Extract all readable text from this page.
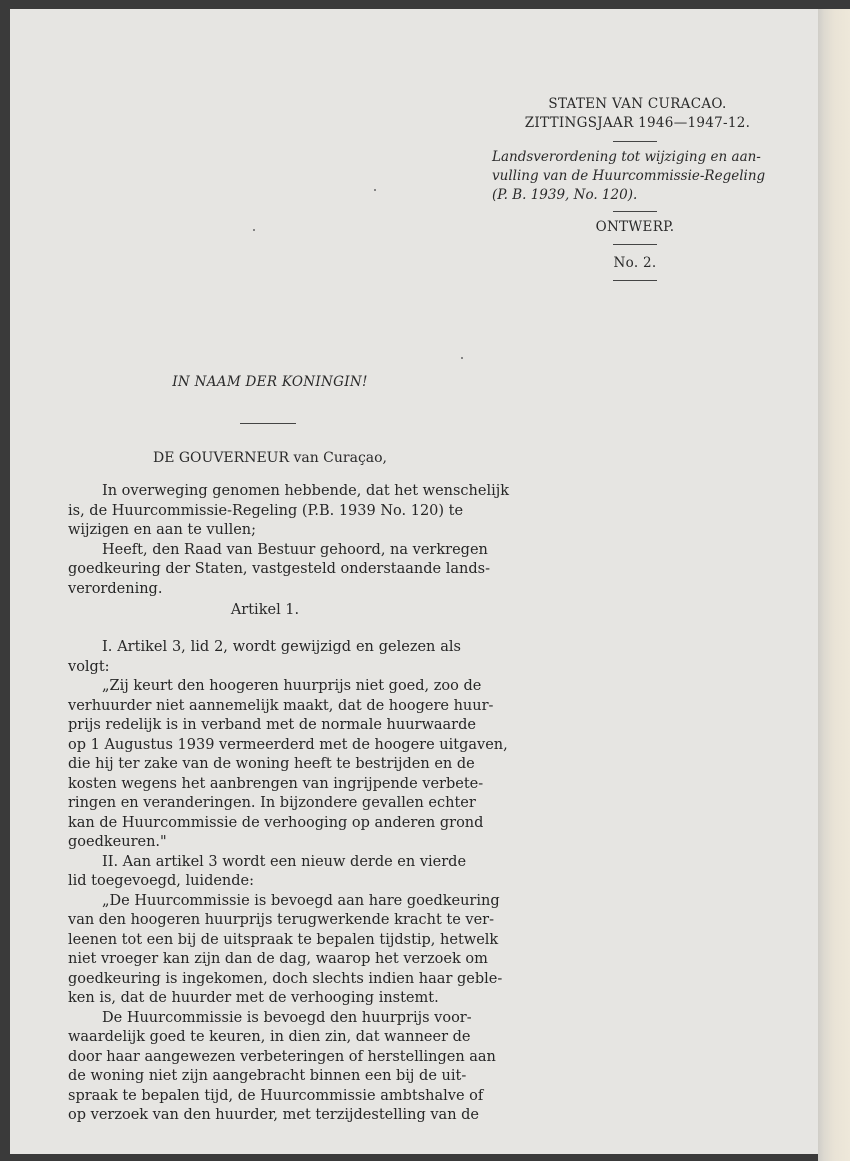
STATEN VAN CURACAO.
ZITTINGSJAAR 1946—1947-12.
Landsverordening tot wijziging en aan-
vulling van de Huurcommissie-Regeling
(P. B. 1939, No. 120).
ONTWERP.
No. 2.
IN NAAM DER KONINGIN!
DE GOUVERNEUR van Curaçao,
In overweging genomen hebbende, dat het wenschelijk
is, de Huurcommissie-Regeling (P.B. 1939 No. 120) te
wijzigen en aan te vullen;
Heeft, den Raad van Bestuur gehoord, na verkregen
goedkeuring der Staten, vastgesteld onderstaande lands-
verordening.
Artikel 1.
I. Artikel 3, lid 2, wordt gewijzigd en gelezen als
volgt:
„Zij keurt den hoogeren huurprijs niet goed, zoo de
verhuurder niet aannemelijk maakt, dat de hoogere huur-
prijs redelijk is in verband met de normale huurwaarde
op 1 Augustus 1939 vermeerderd met de hoogere uitgaven,
die hij ter zake van de woning heeft te bestrijden en de
kosten wegens het aanbrengen van ingrijpende verbete-
ringen en veranderingen. In bijzondere gevallen echter
kan de Huurcommissie de verhooging op anderen grond
goedkeuren."
II. Aan artikel 3 wordt een nieuw derde en vierde
lid toegevoegd, luidende:
„De Huurcommissie is bevoegd aan hare goedkeuring
van den hoogeren huurprijs terugwerkende kracht te ver-
leenen tot een bij de uitspraak te bepalen tijdstip, hetwelk
niet vroeger kan zijn dan de dag, waarop het verzoek om
goedkeuring is ingekomen, doch slechts indien haar geble-
ken is, dat de huurder met de verhooging instemt.
De Huurcommissie is bevoegd den huurprijs voor-
waardelijk goed te keuren, in dien zin, dat wanneer de
door haar aangewezen verbeteringen of herstellingen aan
de woning niet zijn aangebracht binnen een bij de uit-
spraak te bepalen tijd, de Huurcommissie ambtshalve of
op verzoek van den huurder, met terzijdestelling van de
